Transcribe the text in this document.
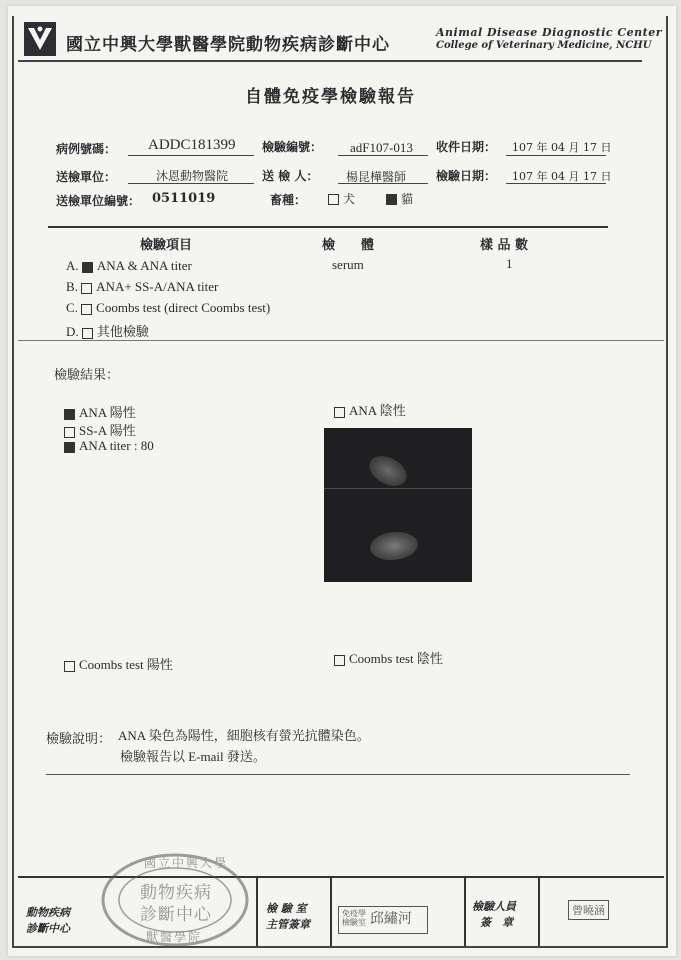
國立中興大學獸醫學院動物疾病診斷中心
Animal Disease Diagnostic Center
College of Veterinary Medicine, NCHU
自體免疫學檢驗報告
病例號碼： ADDC181399 檢驗編號： adF107-013 收件日期： 107 年 04 月 17 日
送檢單位：	沐恩動物醫院	送 檢 人： 楊昆樺醫師 檢驗日期： 107 年 04 月 17 日
送檢單位編號： 0511019	畜種：	犬	貓
檢驗項目	檢　　體	樣 品 數
A. ANA & ANA titer	serum	1
B. ANA+ SS-A/ANA titer
C. Coombs test (direct Coombs test)
D. 其他檢驗
檢驗結果：
ANA 陽性
SS-A 陽性
ANA titer : 80
ANA 陰性
Coombs test 陽性	Coombs test 陰性
檢驗說明： ANA 染色為陽性，細胞核有螢光抗體染色。
檢驗報告以 E-mail 發送。
動物疾病
診斷中心
國立中興大學
動物疾病
診斷中心
獸醫學院
檢 驗 室
主管簽章
免疫學
檢驗室 邱繡河
檢驗人員
簽　章
曾曉涵
